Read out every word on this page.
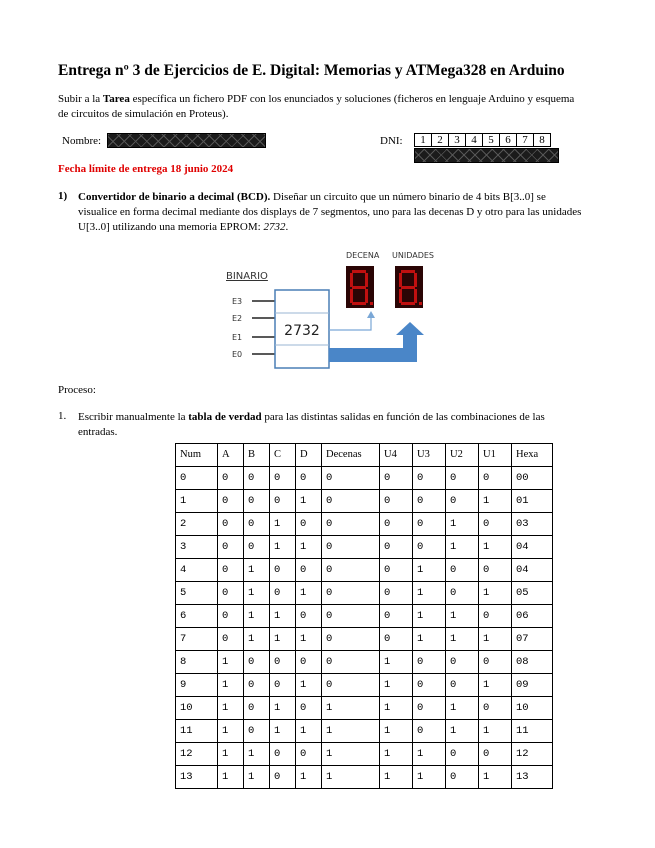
Entrega nº 3 de Ejercicios de E. Digital: Memorias y ATMega328 en Arduino
Subir a la Tarea específica un fichero PDF con los enunciados y soluciones (ficheros en lenguaje Arduino y esquema de circuitos de simulación en Proteus).
Nombre:	DNI: 1	2	3	4	5	6	7	8
Fecha límite de entrega 18 junio 2024
1) Convertidor de binario a decimal (BCD). Diseñar un circuito que un número binario de 4 bits B[3..0] se visualice en forma decimal mediante dos displays de 7 segmentos, uno para las decenas D y otro para las unidades U[3..0] utilizando una memoria EPROM: 2732.
BINARIO
E3
E2
E1
E0
2732
DECENA UNIDADES
Proceso:
1. Escribir manualmente la tabla de verdad para las distintas salidas en función de las combinaciones de las entradas.
Num	A	B	C	D	Decenas	U4	U3	U2	U1	Hexa
0	0	0	0	0	0	0	0	0	0	00
1	0	0	0	1	0	0	0	0	1	01
2	0	0	1	0	0	0	0	1	0	03
3	0	0	1	1	0	0	0	1	1	04
4	0	1	0	0	0	0	1	0	0	04
5	0	1	0	1	0	0	1	0	1	05
6	0	1	1	0	0	0	1	1	0	06
7	0	1	1	1	0	0	1	1	1	07
8	1	0	0	0	0	1	0	0	0	08
9	1	0	0	1	0	1	0	0	1	09
10	1	0	1	0	1	1	0	1	0	10
11	1	0	1	1	1	1	0	1	1	11
12	1	1	0	0	1	1	1	0	0	12
13	1	1	0	1	1	1	1	0	1	13
